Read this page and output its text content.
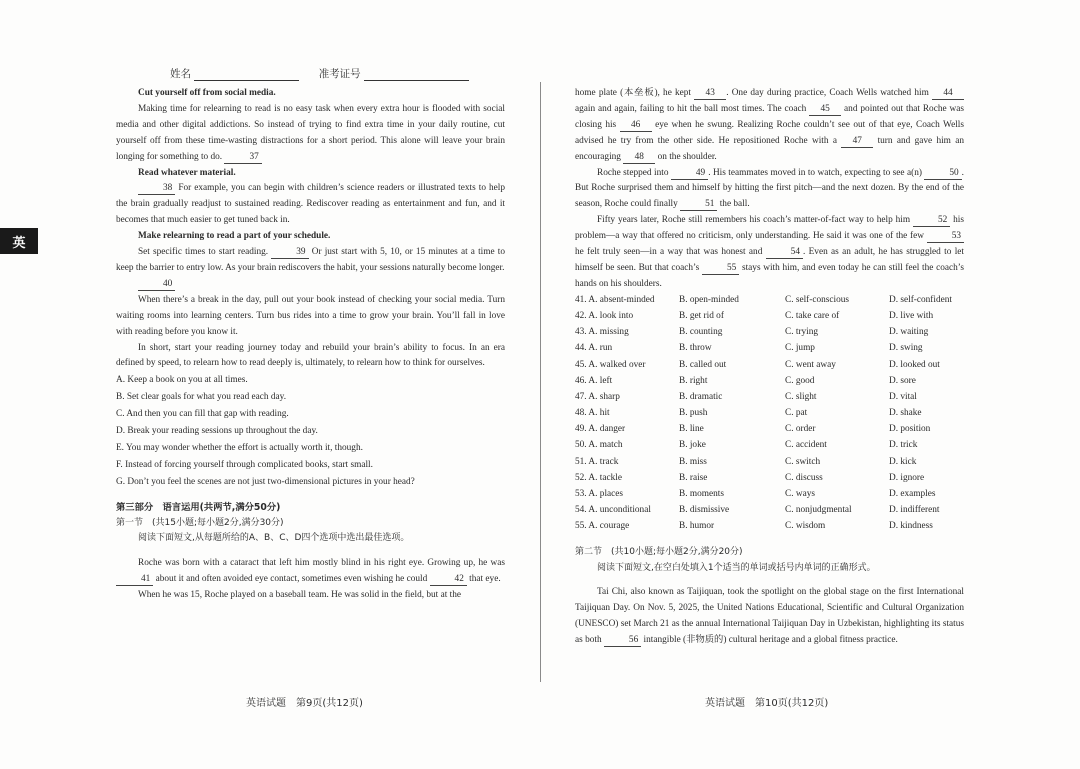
英
姓名	准考证号

Cut yourself off from social media.

Making time for relearning to read is no easy task when every extra hour is flooded with social media and other digital addictions. So instead of trying to find extra time in your daily routine, cut yourself off from these time-wasting distractions for a short period. This alone will leave your brain longing for something to do.	37

Read whatever material.

38 For example, you can begin with children’s science readers or illustrated texts to help the brain gradually readjust to sustained reading. Rediscover reading as entertainment and fun, and it becomes that much easier to get tuned back in.

Make relearning to read a part of your schedule.

Set specific times to start reading.	39 Or just start with 5, 10, or 15 minutes at a time to keep the barrier to entry low. As your brain rediscovers the habit, your sessions naturally become longer.

40

When there’s a break in the day, pull out your book instead of checking your social media. Turn waiting rooms into learning centers. Turn bus rides into a time to grow your brain. You’ll fall in love with reading before you know it.

In short, start your reading journey today and rebuild your brain’s ability to focus. In an era defined by speed, to relearn how to read deeply is, ultimately, to relearn how to think for ourselves.

A. Keep a book on you at all times.

B. Set clear goals for what you read each day.

C. And then you can fill that gap with reading.

D. Break your reading sessions up throughout the day.

E. You may wonder whether the effort is actually worth it, though.

F. Instead of forcing yourself through complicated books, start small.

G. Don’t you feel the scenes are not just two-dimensional pictures in your head?

第三部分　语言运用(共两节,满分50分)

第一节　(共15小题;每小题2分,满分30分)

阅读下面短文,从每题所给的A、B、C、D四个选项中选出最佳选项。

Roche was born with a cataract that left him mostly blind in his right eye. Growing up, he was 41 about it and often avoided eye contact, sometimes even wishing he could	42 that eye.

When he was 15, Roche played on a baseball team. He was solid in the field, but at the

英语试题　第9页(共12页)

home plate (本垒板), he kept 43 . One day during practice, Coach Wells watched him 44 again and again, failing to hit the ball most times. The coach 45 and pointed out that Roche was closing his 46 eye when he swung. Realizing Roche couldn’t see out of that eye, Coach Wells advised he try from the other side. He repositioned Roche with a 47 turn and gave him an encouraging 48 on the shoulder.

Roche stepped into	49 . His teammates moved in to watch, expecting to see a(n)	50 . But Roche surprised them and himself by hitting the first pitch—and the next dozen. By the end of the season, Roche could finally	51 the ball.

Fifty years later, Roche still remembers his coach’s matter-of-fact way to help him	52 his problem—a way that offered no criticism, only understanding. He said it was one of the few	53 he felt truly seen—in a way that was honest and	54 . Even as an adult, he has struggled to let himself be seen. But that coach’s	55 stays with him, and even today he can still feel the coach’s hands on his shoulders.

41. A. absent-minded	B. open-minded	C. self-conscious	D. self-confident
42. A. look into	B. get rid of	C. take care of	D. live with
43. A. missing	B. counting	C. trying	D. waiting
44. A. run	B. throw	C. jump	D. swing
45. A. walked over	B. called out	C. went away	D. looked out
46. A. left	B. right	C. good	D. sore
47. A. sharp	B. dramatic	C. slight	D. vital
48. A. hit	B. push	C. pat	D. shake
49. A. danger	B. line	C. order	D. position
50. A. match	B. joke	C. accident	D. trick
51. A. track	B. miss	C. switch	D. kick
52. A. tackle	B. raise	C. discuss	D. ignore
53. A. places	B. moments	C. ways	D. examples
54. A. unconditional	B. dismissive	C. nonjudgmental	D. indifferent
55. A. courage	B. humor	C. wisdom	D. kindness

第二节　(共10小题;每小题2分,满分20分)

阅读下面短文,在空白处填入1个适当的单词或括号内单词的正确形式。

Tai Chi, also known as Taijiquan, took the spotlight on the global stage on the first International Taijiquan Day. On Nov. 5, 2025, the United Nations Educational, Scientific and Cultural Organization (UNESCO) set March 21 as the annual International Taijiquan Day in Uzbekistan, highlighting its status as both	56 intangible (非物质的) cultural heritage and a global fitness practice.

英语试题　第10页(共12页)
